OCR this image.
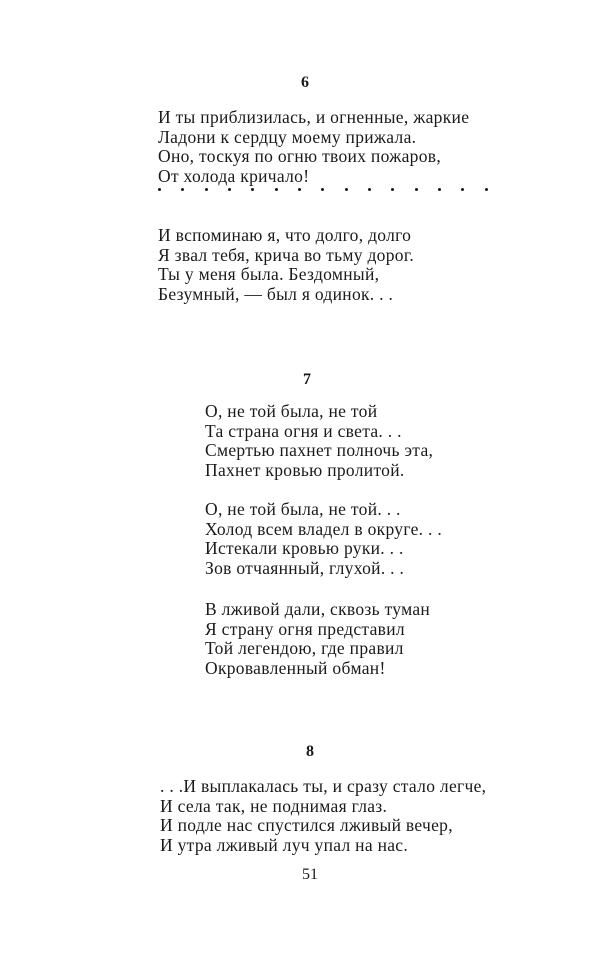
6
И ты приблизилась, и огненные, жаркие
Ладони к сердцу моему прижала.
Оно, тоскуя по огню твоих пожаров,
От холода кричало!
И вспоминаю я, что долго, долго
Я звал тебя, крича во тьму дорог.
Ты у меня была. Бездомный,
Безумный, — был я одинок. . .
7
О, не той была, не той
Та страна огня и света. . .
Смертью пахнет полночь эта,
Пахнет кровью пролитой.
О, не той была, не той. . .
Холод всем владел в округе. . .
Истекали кровью руки. . .
Зов отчаянный, глухой. . .
В лживой дали, сквозь туман
Я страну огня представил
Той легендою, где правил
Окровавленный обман!
8
. . .И выплакалась ты, и сразу стало легче,
И села так, не поднимая глаз.
И подле нас спустился лживый вечер,
И утра лживый луч упал на нас.
51
